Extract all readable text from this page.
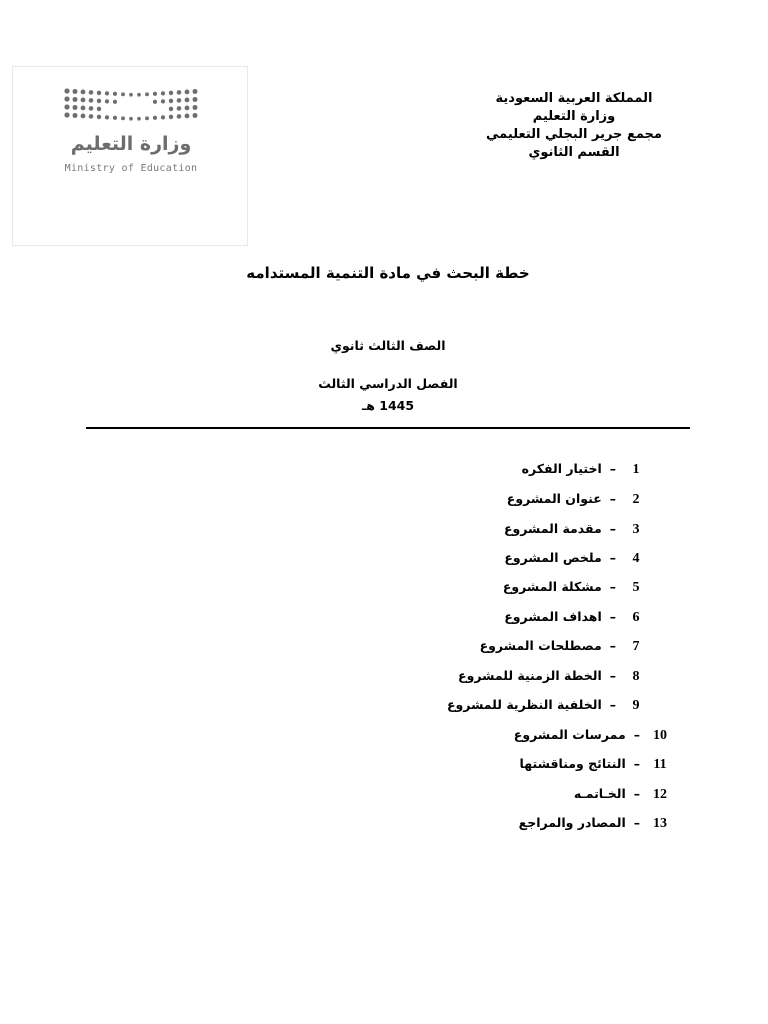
وزارة التعليم
Ministry of Education
المملكة العربية السعودية
وزارة التعليم
مجمع جرير البجلي التعليمي
القسم الثانوي
خطة البحث في مادة التنمية المستدامه
الصف الثالث ثانوي
الفصل الدراسي الثالث
1445 هـ
1–اختيار الفكره
2–عنوان المشروع
3–مقدمة المشروع
4–ملخص المشروع
5–مشكلة المشروع
6–اهداف المشروع
7–مصطلحات المشروع
8–الخطة الزمنية للمشروع
9–الخلفية النظرية للمشروع
10–ممرسات المشروع
11–النتائج ومناقشتها
12–الخـاتمـه
13–المصادر والمراجع
